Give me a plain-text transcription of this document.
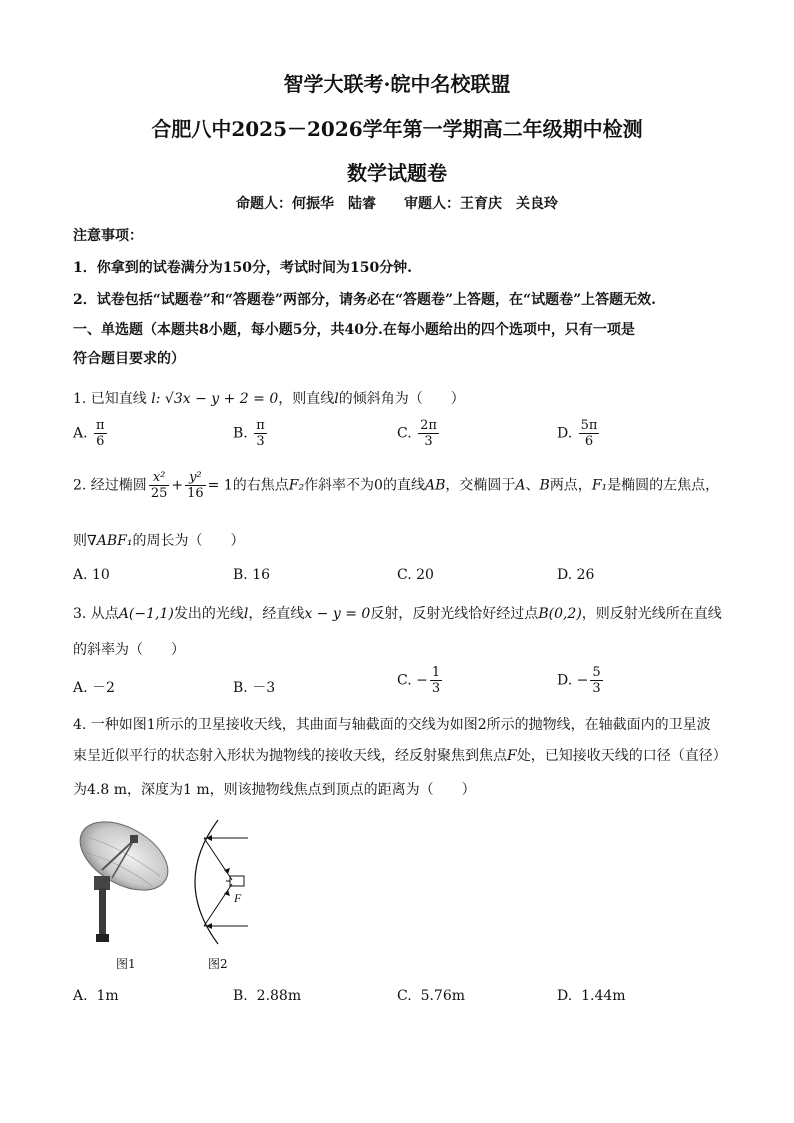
智学大联考·皖中名校联盟
合肥八中2025－2026学年第一学期高二年级期中检测
数学试题卷
命题人：何振华　陆睿　　审题人：王育庆　关良玲
注意事项：
1．你拿到的试卷满分为150分，考试时间为150分钟.
2．试卷包括“试题卷”和“答题卷”两部分，请务必在“答题卷”上答题，在“试题卷”上答题无效.
一、单选题（本题共8小题，每小题5分，共40分.在每小题给出的四个选项中，只有一项是
符合题目要求的）
1. 已知直线 l: √3x − y + 2 = 0，则直线l的倾斜角为（　　）
A. $\frac{\pi}{6}$	B. $\frac{\pi}{3}$	C. $\frac{2\pi}{3}$	D. $\frac{5\pi}{6}$
2. 经过椭圆 $\frac{\text{x²}}{25} + \frac{\text{y²}}{16} = 1$的右焦点F₂作斜率不为0的直线AB，交椭圆于A、B两点，F₁是椭圆的左焦点，
则∇ABF₁的周长为（　　）
A. 10	B. 16	C. 20	D. 26
3. 从点A(−1,1)发出的光线l，经直线x − y = 0反射，反射光线恰好经过点B(0,2)，则反射光线所在直线
的斜率为（　　）
A. －2	B. －3	C. − $\frac{1}{3}$	D. − $\frac{5}{3}$
4. 一种如图1所示的卫星接收天线，其曲面与轴截面的交线为如图2所示的抛物线，在轴截面内的卫星波
束呈近似平行的状态射入形状为抛物线的接收天线，经反射聚焦到焦点F处，已知接收天线的口径（直径）
为4.8 m，深度为1 m，则该抛物线焦点到顶点的距离为（　　）
F
图1	图2
A. 1m	B. 2.88m	C. 5.76m	D. 1.44m
